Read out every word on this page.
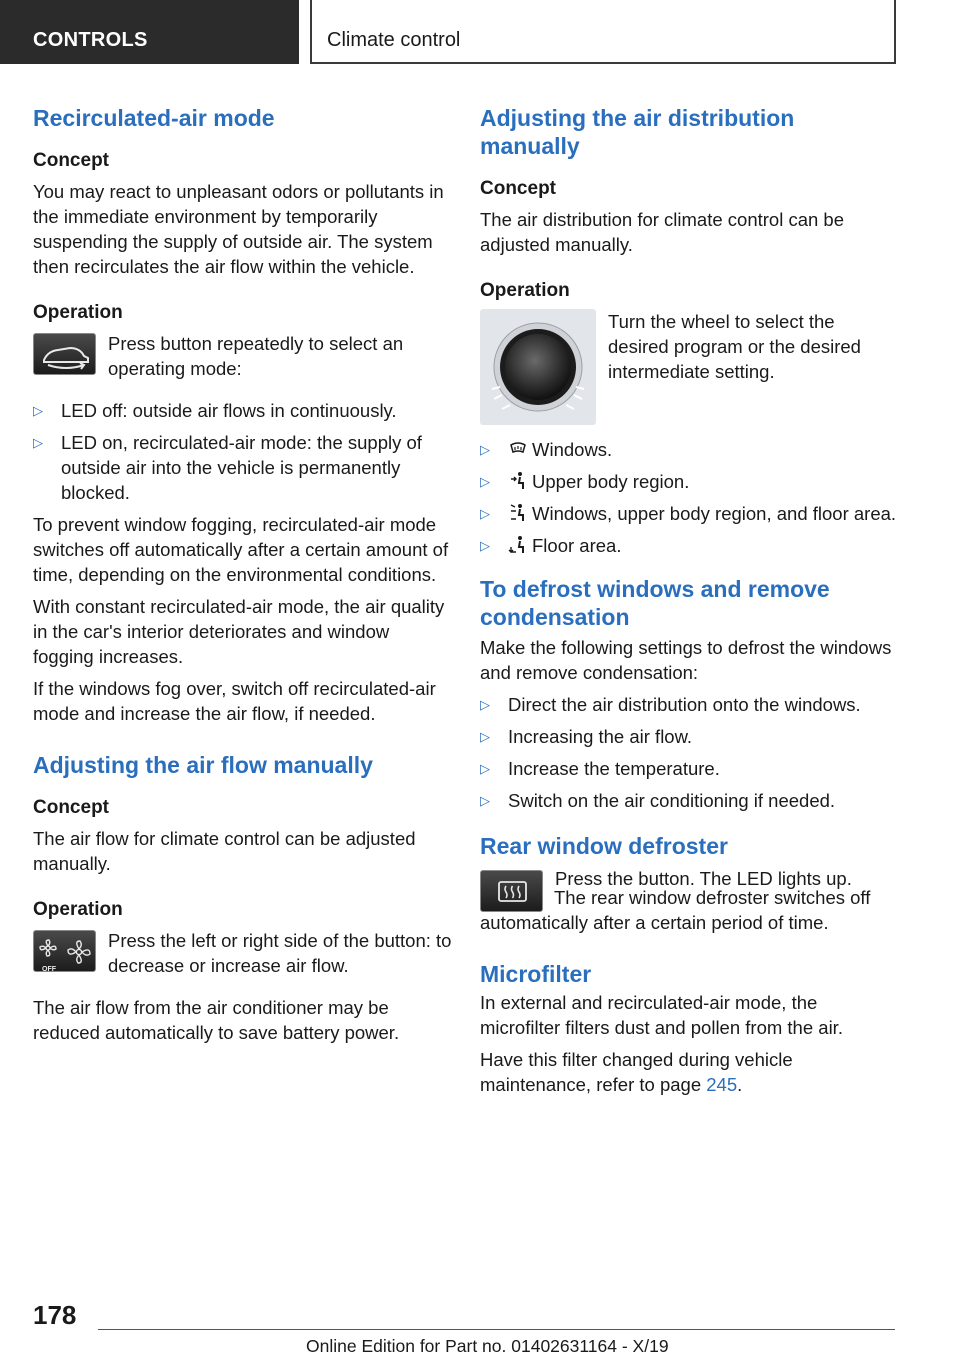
CONTROLS	Climate control
Recirculated-air mode
Concept

You may react to unpleasant odors or pollutants in the immediate environment by temporarily suspending the supply of outside air. The system then recirculates the air flow within the vehicle.

Operation

Press button repeatedly to select an operating mode:

▷ LED off: outside air flows in continuously.
▷ LED on, recirculated-air mode: the supply of outside air into the vehicle is permanently blocked.

To prevent window fogging, recirculated-air mode switches off automatically after a certain amount of time, depending on the environmental conditions.

With constant recirculated-air mode, the air quality in the car's interior deteriorates and window fogging increases.

If the windows fog over, switch off recirculated-air mode and increase the air flow, if needed.

Adjusting the air flow manually
Concept

The air flow for climate control can be adjusted manually.

Operation
OFF

Press the left or right side of the button: to decrease or increase air flow.

The air flow from the air conditioner may be reduced automatically to save battery power.

Adjusting the air distribution manually
Concept

The air distribution for climate control can be adjusted manually.

Operation

Turn the wheel to select the desired program or the desired intermediate setting.

▷ Windows.
▷ Upper body region.
▷ Windows, upper body region, and floor area.
▷ Floor area.
To defrost windows and remove condensation

Make the following settings to defrost the windows and remove condensation:

▷ Direct the air distribution onto the windows.
▷ Increasing the air flow.
▷ Increase the temperature.
▷ Switch on the air conditioning if needed.
Rear window defroster

Press the button. The LED lights up.

The rear window defroster switches off automatically after a certain period of time.

Microfilter

In external and recirculated-air mode, the microfilter filters dust and pollen from the air.

Have this filter changed during vehicle maintenance, refer to page 245.

178
Online Edition for Part no. 01402631164 - X/19
